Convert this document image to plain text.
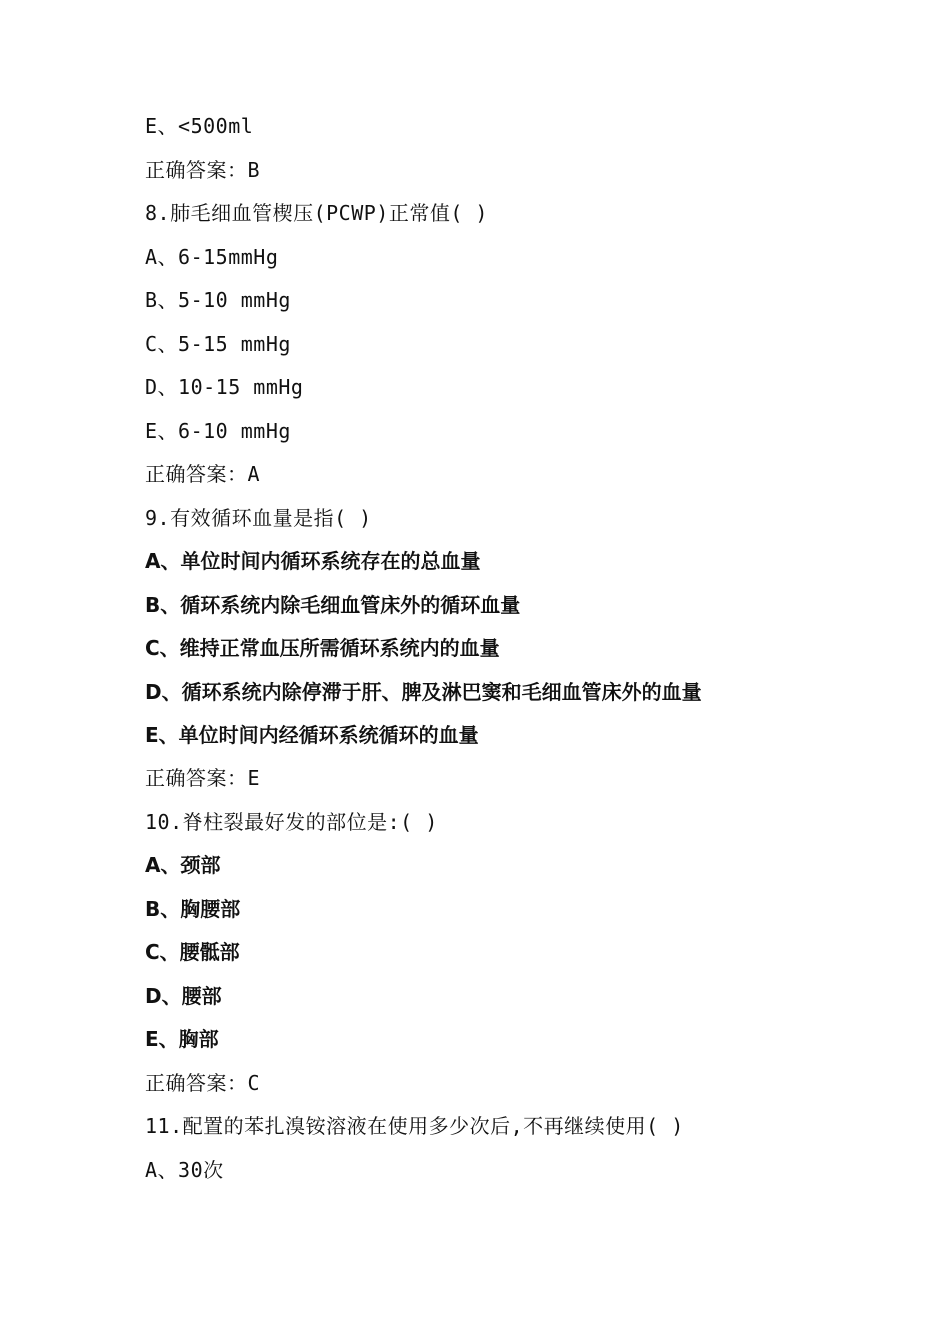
E、<500ml
正确答案：B
8.肺毛细血管楔压(PCWP)正常值( )
A、6-15mmHg
B、5-10 mmHg
C、5-15 mmHg
D、10-15 mmHg
E、6-10 mmHg
正确答案：A
9.有效循环血量是指( )
A、单位时间内循环系统存在的总血量
B、循环系统内除毛细血管床外的循环血量
C、维持正常血压所需循环系统内的血量
D、循环系统内除停滞于肝、脾及淋巴窦和毛细血管床外的血量
E、单位时间内经循环系统循环的血量
正确答案：E
10.脊柱裂最好发的部位是:( )
A、颈部
B、胸腰部
C、腰骶部
D、腰部
E、胸部
正确答案：C
11.配置的苯扎溴铵溶液在使用多少次后,不再继续使用( )
A、30次
